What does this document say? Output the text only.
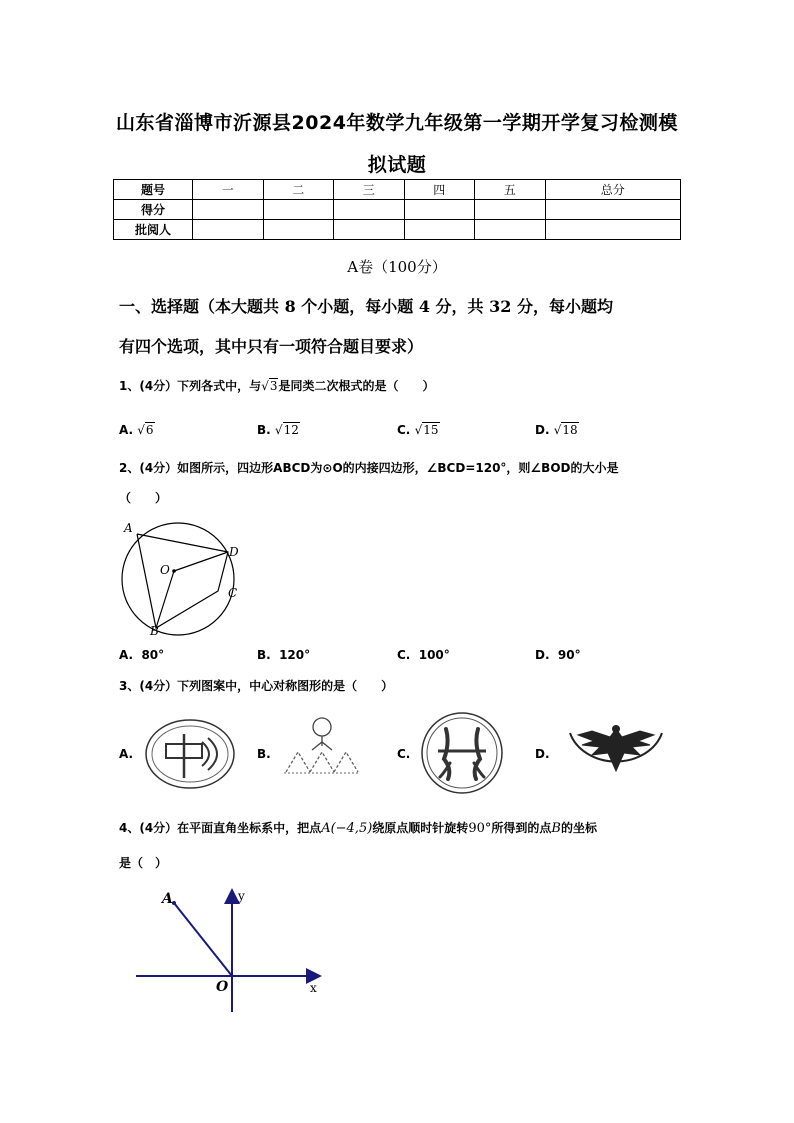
山东省淄博市沂源县2024年数学九年级第一学期开学复习检测模
拟试题
题号	一	二	三	四	五	总分
得分						
批阅人						
A卷（100分）
一、选择题（本大题共 8 个小题，每小题 4 分，共 32 分，每小题均
有四个选项，其中只有一项符合题目要求）
1、(4分）下列各式中，与√3是同类二次根式的是（　　）
A. √6	B. √12	C. √15	D. √18
2、(4分）如图所示，四边形ABCD为⊙O的内接四边形，∠BCD=120°，则∠BOD的大小是
（　　）
A
D
C
B
O
A. 80°	B. 120°	C. 100°	D. 90°
3、(4分）下列图案中，中心对称图形的是（　　）
A.	B.	C.	D.
4、(4分）在平面直角坐标系中，把点A(−4,5)绕原点顺时针旋转90°所得到的点B的坐标
是（　）
A
O	x
y
